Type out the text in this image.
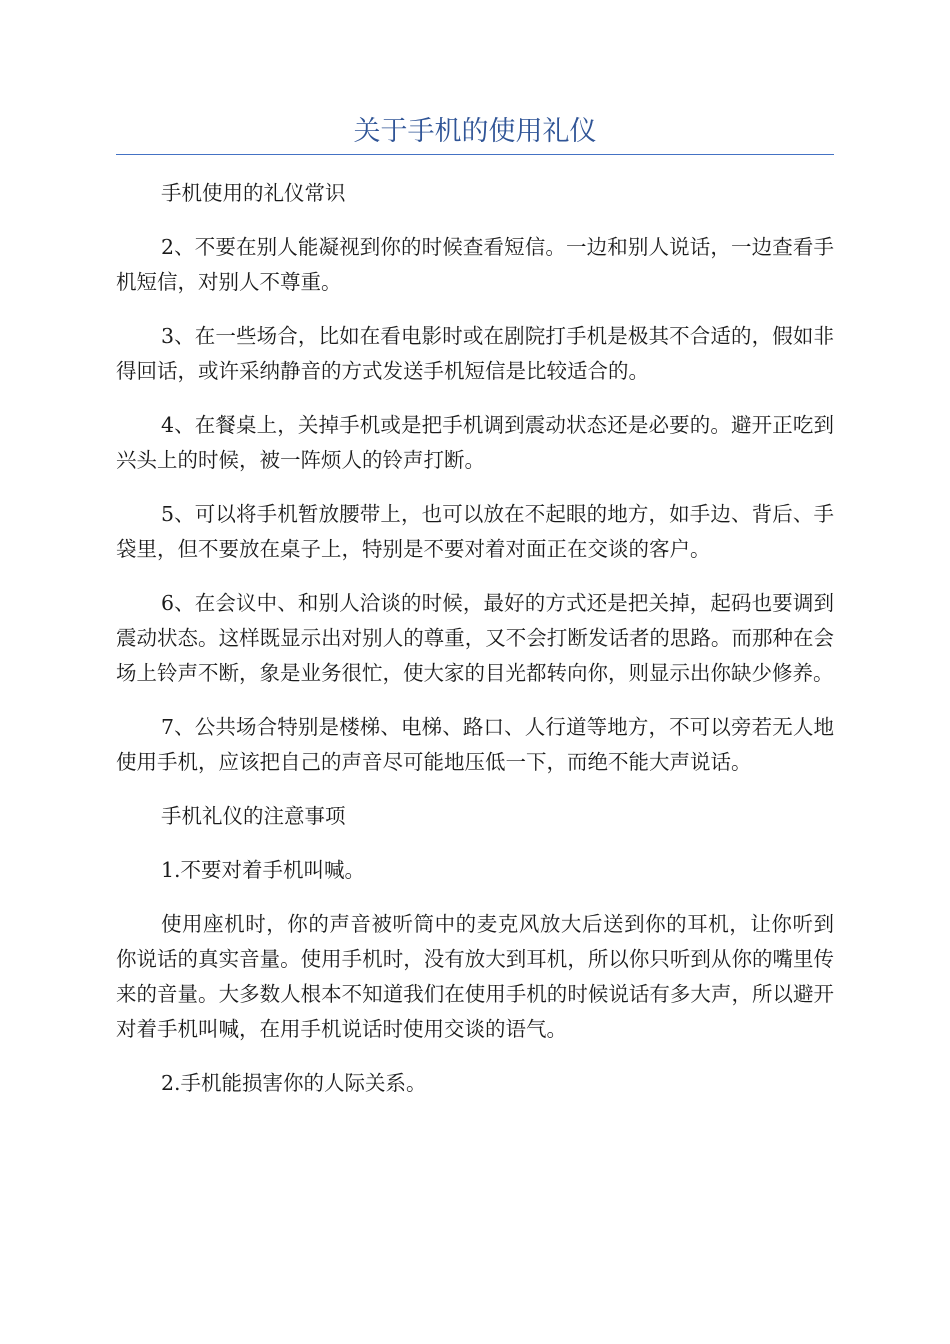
关于手机的使用礼仪

手机使用的礼仪常识

2、不要在别人能凝视到你的时候查看短信。一边和别人说话，一边查看手机短信，对别人不尊重。

3、在一些场合，比如在看电影时或在剧院打手机是极其不合适的，假如非得回话，或许采纳静音的方式发送手机短信是比较适合的。

4、在餐桌上，关掉手机或是把手机调到震动状态还是必要的。避开正吃到兴头上的时候，被一阵烦人的铃声打断。

5、可以将手机暂放腰带上，也可以放在不起眼的地方，如手边、背后、手袋里，但不要放在桌子上，特别是不要对着对面正在交谈的客户。

6、在会议中、和别人洽谈的时候，最好的方式还是把关掉，起码也要调到震动状态。这样既显示出对别人的尊重，又不会打断发话者的思路。而那种在会场上铃声不断，象是业务很忙，使大家的目光都转向你，则显示出你缺少修养。

7、公共场合特别是楼梯、电梯、路口、人行道等地方，不可以旁若无人地使用手机，应该把自己的声音尽可能地压低一下，而绝不能大声说话。

手机礼仪的注意事项

1.不要对着手机叫喊。

使用座机时，你的声音被听筒中的麦克风放大后送到你的耳机，让你听到你说话的真实音量。使用手机时，没有放大到耳机，所以你只听到从你的嘴里传来的音量。大多数人根本不知道我们在使用手机的时候说话有多大声，所以避开对着手机叫喊，在用手机说话时使用交谈的语气。

2.手机能损害你的人际关系。
